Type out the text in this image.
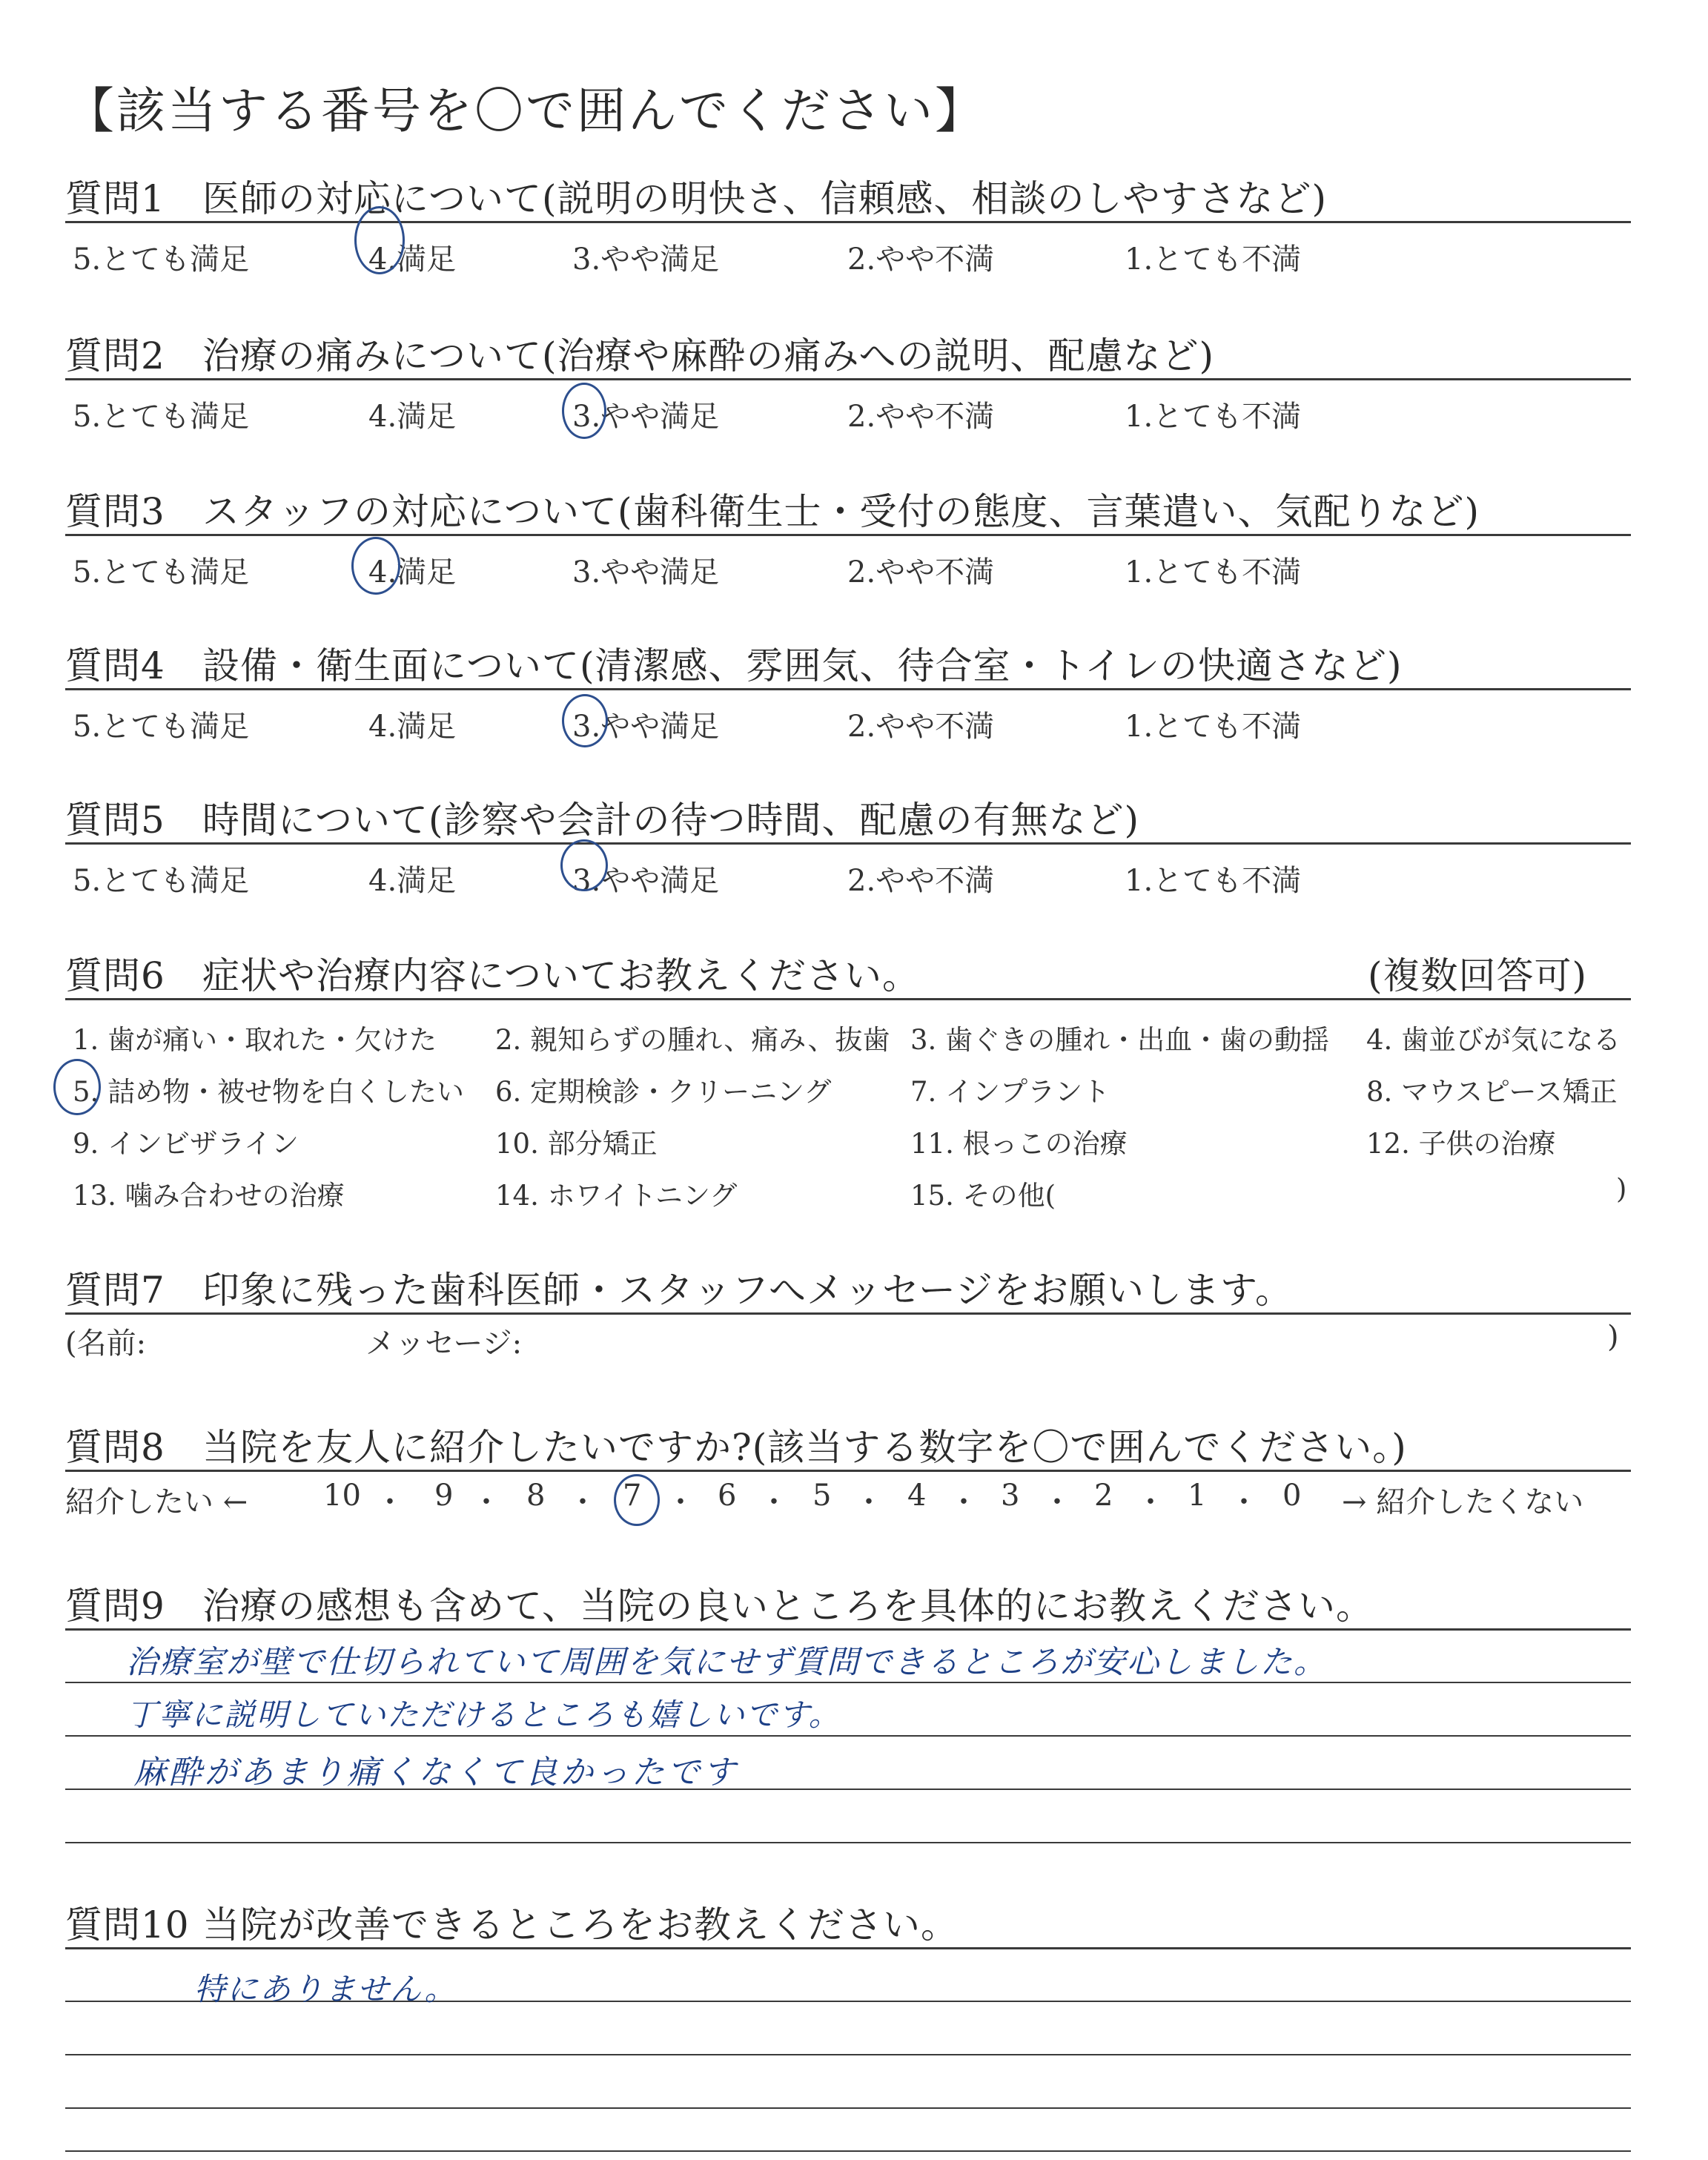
【該当する番号を〇で囲んでください】
質問1 医師の対応について(説明の明快さ、信頼感、相談のしやすさなど)
5.とても満足	4.満足	3.やや満足	2.やや不満	1.とても不満
質問2 治療の痛みについて(治療や麻酔の痛みへの説明、配慮など)
5.とても満足	4.満足	3.やや満足	2.やや不満	1.とても不満
質問3 スタッフの対応について(歯科衛生士・受付の態度、言葉遣い、気配りなど)
5.とても満足	4.満足	3.やや満足	2.やや不満	1.とても不満
質問4 設備・衛生面について(清潔感、雰囲気、待合室・トイレの快適さなど)
5.とても満足	4.満足	3.やや満足	2.やや不満	1.とても不満
質問5 時間について(診察や会計の待つ時間、配慮の有無など)
5.とても満足	4.満足	3.やや満足	2.やや不満	1.とても不満
質問6 症状や治療内容についてお教えください。	(複数回答可)
1. 歯が痛い・取れた・欠けた 2. 親知らずの腫れ、痛み、抜歯 3. 歯ぐきの腫れ・出血・歯の動揺 4. 歯並びが気になる
5. 詰め物・被せ物を白くしたい 6. 定期検診・クリーニング	7. インプラント	8. マウスピース矯正
9. インビザライン	10. 部分矯正	11. 根っこの治療	12. 子供の治療
13. 噛み合わせの治療	14. ホワイトニング	15. その他(	)
質問7 印象に残った歯科医師・スタッフへメッセージをお願いします。
(名前:	メッセージ:	)
質問8 当院を友人に紹介したいですか?(該当する数字を〇で囲んでください。)
紹介したい ←	10 ・ 9 ・ 8 ・ 7 ・ 6 ・ 5 ・ 4 ・ 3 ・ 2 ・ 1 ・ 0 → 紹介したくない
質問9 治療の感想も含めて、当院の良いところを具体的にお教えください。
治療室が壁で仕切られていて周囲を気にせず質問できるところが安心しました。
丁寧に説明していただけるところも嬉しいです。
麻酔があまり痛くなくて良かったです
質問10 当院が改善できるところをお教えください。
特にありません。
